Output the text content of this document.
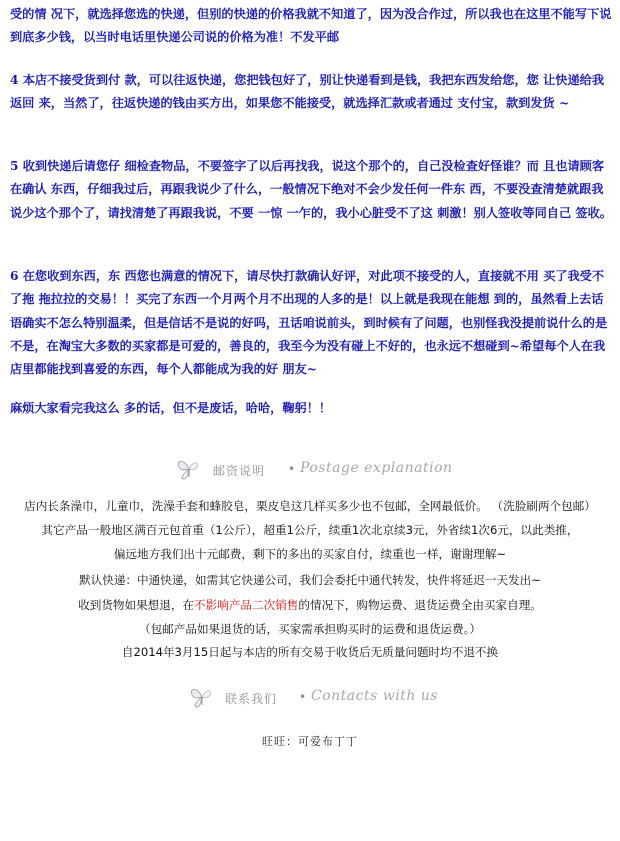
受的情 况下，就选择您选的快递，但别的快递的价格我就不知道了，因为没合作过，所以我也在这里不能写下说到底多少钱，以当时电话里快递公司说的价格为准！不发平邮

4 本店不接受货到付 款，可以往返快递，您把钱包好了，别让快递看到是钱，我把东西发给您，您 让快递给我返回 来，当然了，往返快递的钱由买方出，如果您不能接受，就选择汇款或者通过 支付宝，款到发货 ~

5 收到快递后请您仔 细检查物品，不要签字了以后再找我，说这个那个的，自己没检查好怪谁？而 且也请顾客在确认 东西，仔细我过后，再跟我说少了什么，一般情况下绝对不会少发任何一件东 西，不要没查清楚就跟我 说少这个那个了，请找清楚了再跟我说，不要 一惊 一乍的，我小心脏受不了这 刺激！别人签收等同自己 签收。

6 在您收到东西，东 西您也满意的情况下，请尽快打款确认好评，对此项不接受的人，直接就不用 买了我受不了拖 拖拉拉的交易！！买完了东西一个月两个月不出现的人多的是！以上就是我现在能想 到的，虽然看上去话语确实不怎么特别温柔，但是信话不是说的好吗，丑话咱说前头，到时候有了问题，也别怪我没提前说什么的是不是，在淘宝大多数的买家都是可爱的，善良的，我至今为没有碰上不好的，也永远不想碰到~希望每个人在我店里都能找到喜爱的东西，每个人都能成为我的好 朋友~

麻烦大家看完我这么 多的话，但不是废话，哈哈，鞠躬！！

邮资说明 • Postage explanation
店内长条澡巾，儿童巾，洗澡手套和蜂胶皂，栗皮皂这几样买多少也不包邮，全网最低价。 （洗脸刷两个包邮）
其它产品一般地区满百元包首重（1公斤），超重1公斤，续重1次北京续3元，外省续1次6元，以此类推，
偏远地方我们出十元邮费，剩下的多出的买家自付，续重也一样，谢谢理解~
默认快递：中通快递，如需其它快递公司，我们会委托中通代转发，快件将延迟一天发出~
收到货物如果想退，在不影响产品二次销售的情况下，购物运费、退货运费全由买家自理。
（包邮产品如果退货的话，买家需承担购买时的运费和退货运费。）
自2014年3月15日起与本店的所有交易于收货后无质量问题时均不退不换
联系我们 • Contacts with us
旺旺：可爱布丁丁
